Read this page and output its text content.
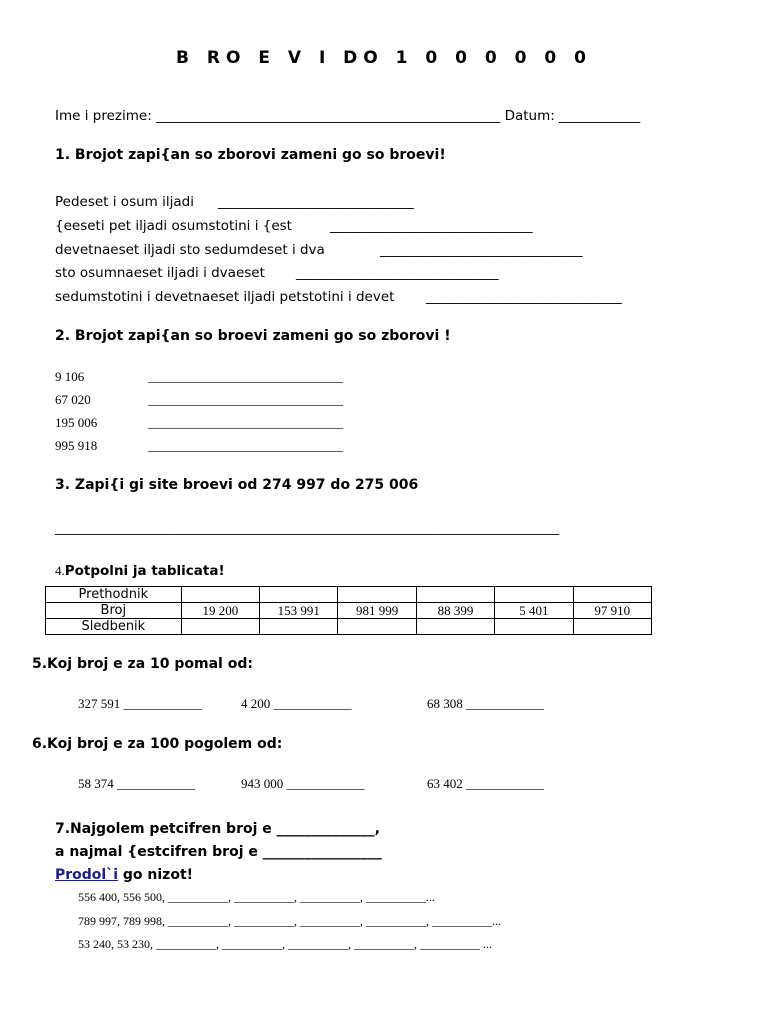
B RO E V I DO 1 0 0 0 0 0 0
Ime i prezime: ___________________________________________________ Datum: ____________
1. Brojot zapi{an so zborovi zameni go so broevi!
Pedeset i osum iljadi _____________________________
{eeseti pet iljadi osumstotini i {est	______________________________
devetnaeset iljadi sto sedumdeset i dva	______________________________
sto osumnaeset iljadi i dvaeset ______________________________
sedumstotini i devetnaeset iljadi petstotini i devet _____________________________
2. Brojot zapi{an so broevi zameni go so zborovi !
9 106	______________________________
67 020	______________________________
195 006	______________________________
995 918	______________________________
3. Zapi{i gi site broevi od 274 997 do 275 006
__________________________________________________________________________________
4.Potpolni ja tablicata!
Prethodnik						
Broj	19 200	153 991	981 999	88 399	5 401	97 910
Sledbenik						
5.Koj broj e za 10 pomal od:
327 591 ____________	4 200 ____________	68 308 ____________
6.Koj broj e za 100 pogolem od:
58 374 ____________	943 000 ____________	63 402 ____________
7.Najgolem petcifren broj e ______________,
a najmal {estcifren broj e _________________
Prodol`i go nizot!
556 400, 556 500, __________, __________, __________, __________...
789 997, 789 998, __________, __________, __________, __________, __________...
53 240, 53 230, __________, __________, __________, __________, __________ ...
